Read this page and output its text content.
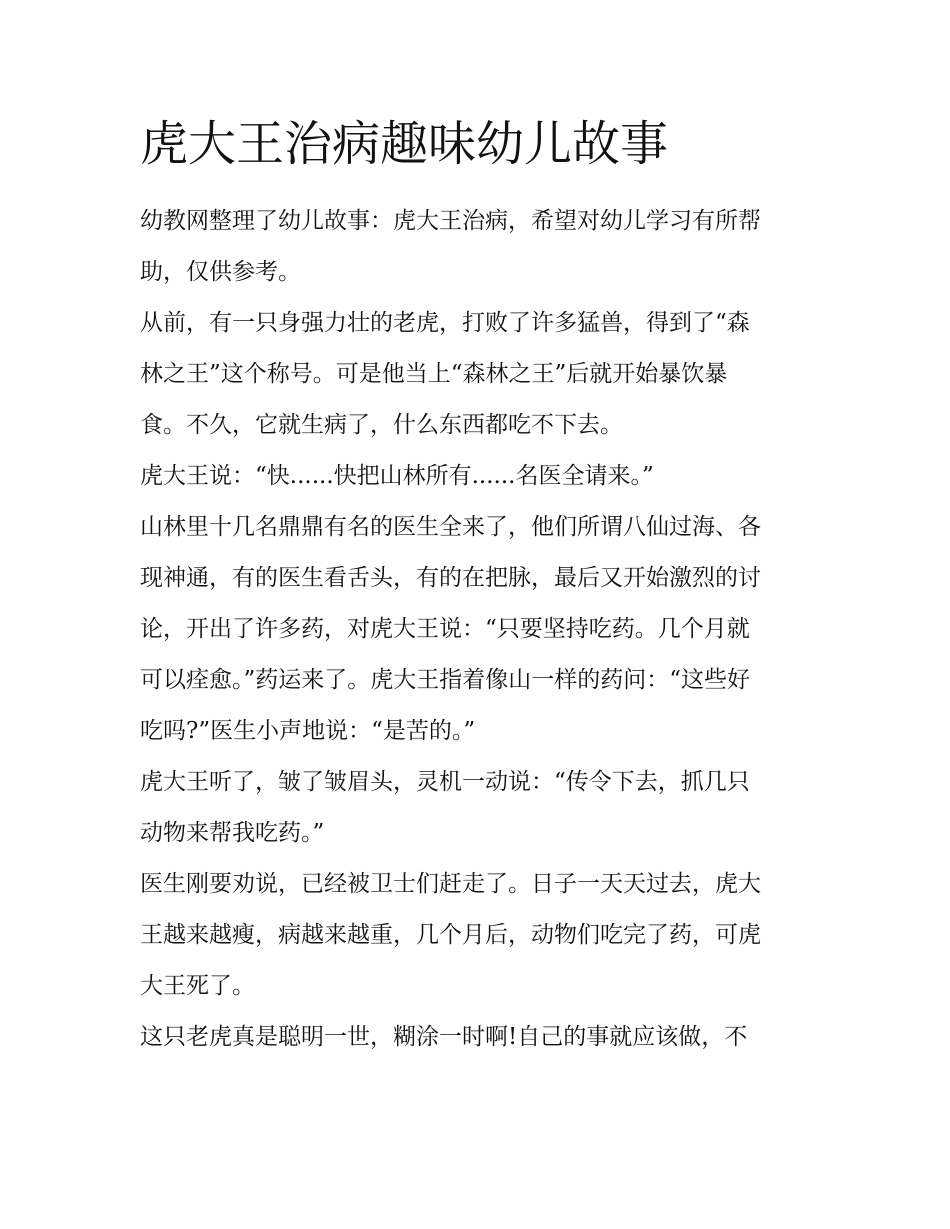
虎大王治病趣味幼儿故事

幼教网整理了幼儿故事：虎大王治病，希望对幼儿学习有所帮
助，仅供参考。

从前，有一只身强力壮的老虎，打败了许多猛兽，得到了“森
林之王”这个称号。可是他当上“森林之王”后就开始暴饮暴
食。不久，它就生病了，什么东西都吃不下去。

虎大王说：“快......快把山林所有......名医全请来。”

山林里十几名鼎鼎有名的医生全来了，他们所谓八仙过海、各
现神通，有的医生看舌头，有的在把脉，最后又开始激烈的讨
论，开出了许多药，对虎大王说：“只要坚持吃药。几个月就
可以痊愈。”药运来了。虎大王指着像山一样的药问：“这些好
吃吗?”医生小声地说：“是苦的。”

虎大王听了，皱了皱眉头，灵机一动说：“传令下去，抓几只
动物来帮我吃药。”

医生刚要劝说，已经被卫士们赶走了。日子一天天过去，虎大
王越来越瘦，病越来越重，几个月后，动物们吃完了药，可虎
大王死了。

这只老虎真是聪明一世，糊涂一时啊!自己的事就应该做，不
